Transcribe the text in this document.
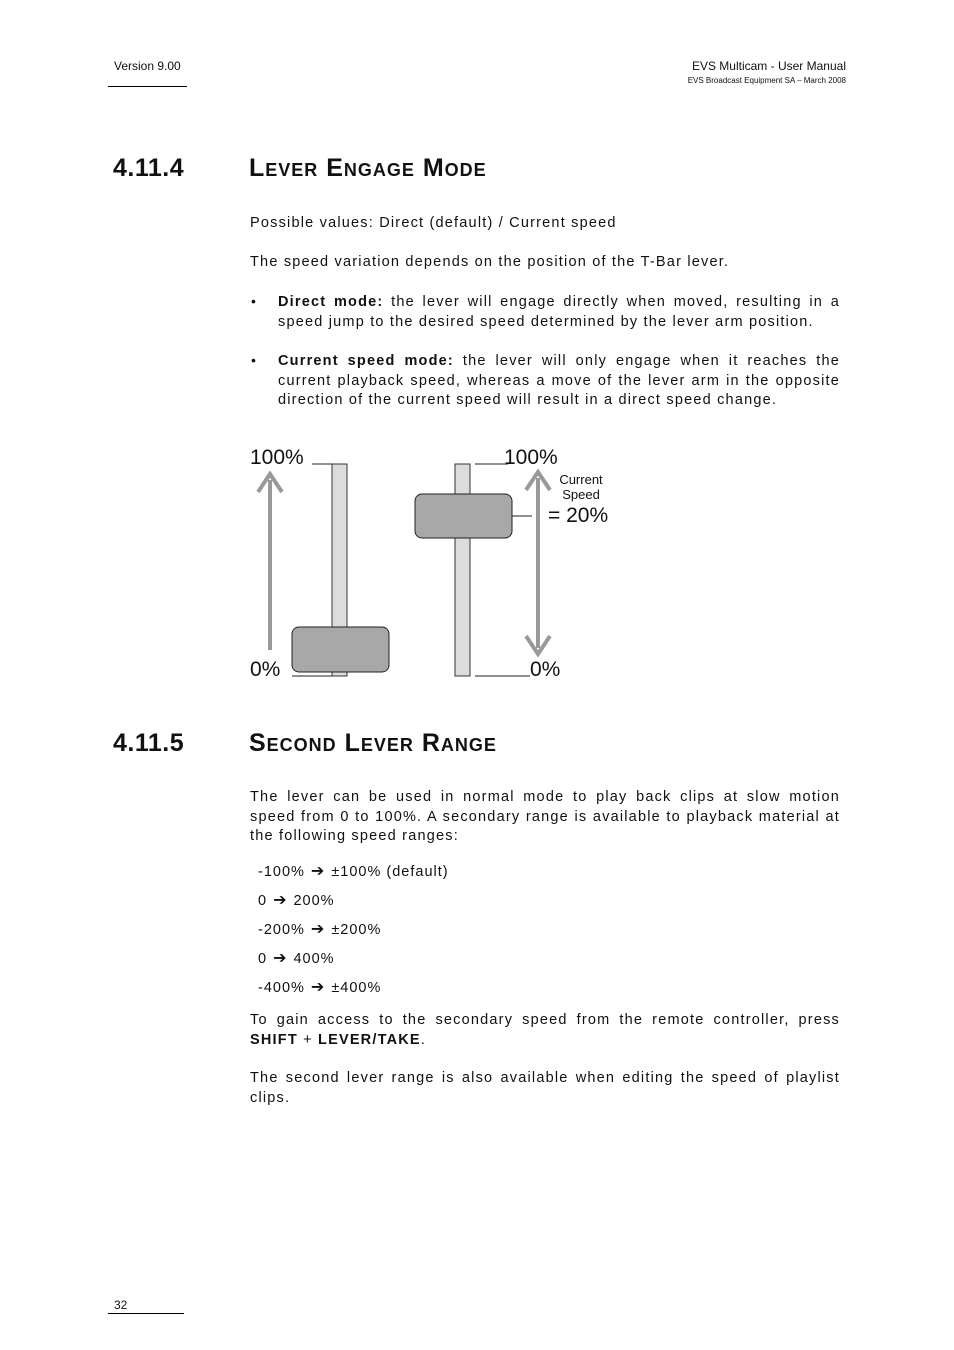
Version 9.00	EVS Multicam - User Manual
EVS Broadcast Equipment SA – March 2008
4.11.4	Lever Engage Mode
Possible values: Direct (default) / Current speed
The speed variation depends on the position of the T-Bar lever.
• Direct mode: the lever will engage directly when moved, resulting in a speed jump to the desired speed determined by the lever arm position.
• Current speed mode: the lever will only engage when it reaches the current playback speed, whereas a move of the lever arm in the opposite direction of the current speed will result in a direct speed change.
100%
0%
100%
0%
Current
Speed
= 20%
4.11.5	Second Lever Range
The lever can be used in normal mode to play back clips at slow motion speed from 0 to 100%. A secondary range is available to playback material at the following speed ranges:
-100% ➔ ±100% (default)
0 ➔ 200%
-200% ➔ ±200%
0 ➔ 400%
-400% ➔ ±400%
To gain access to the secondary speed from the remote controller, press SHIFT + LEVER/TAKE.
The second lever range is also available when editing the speed of playlist clips.
32
